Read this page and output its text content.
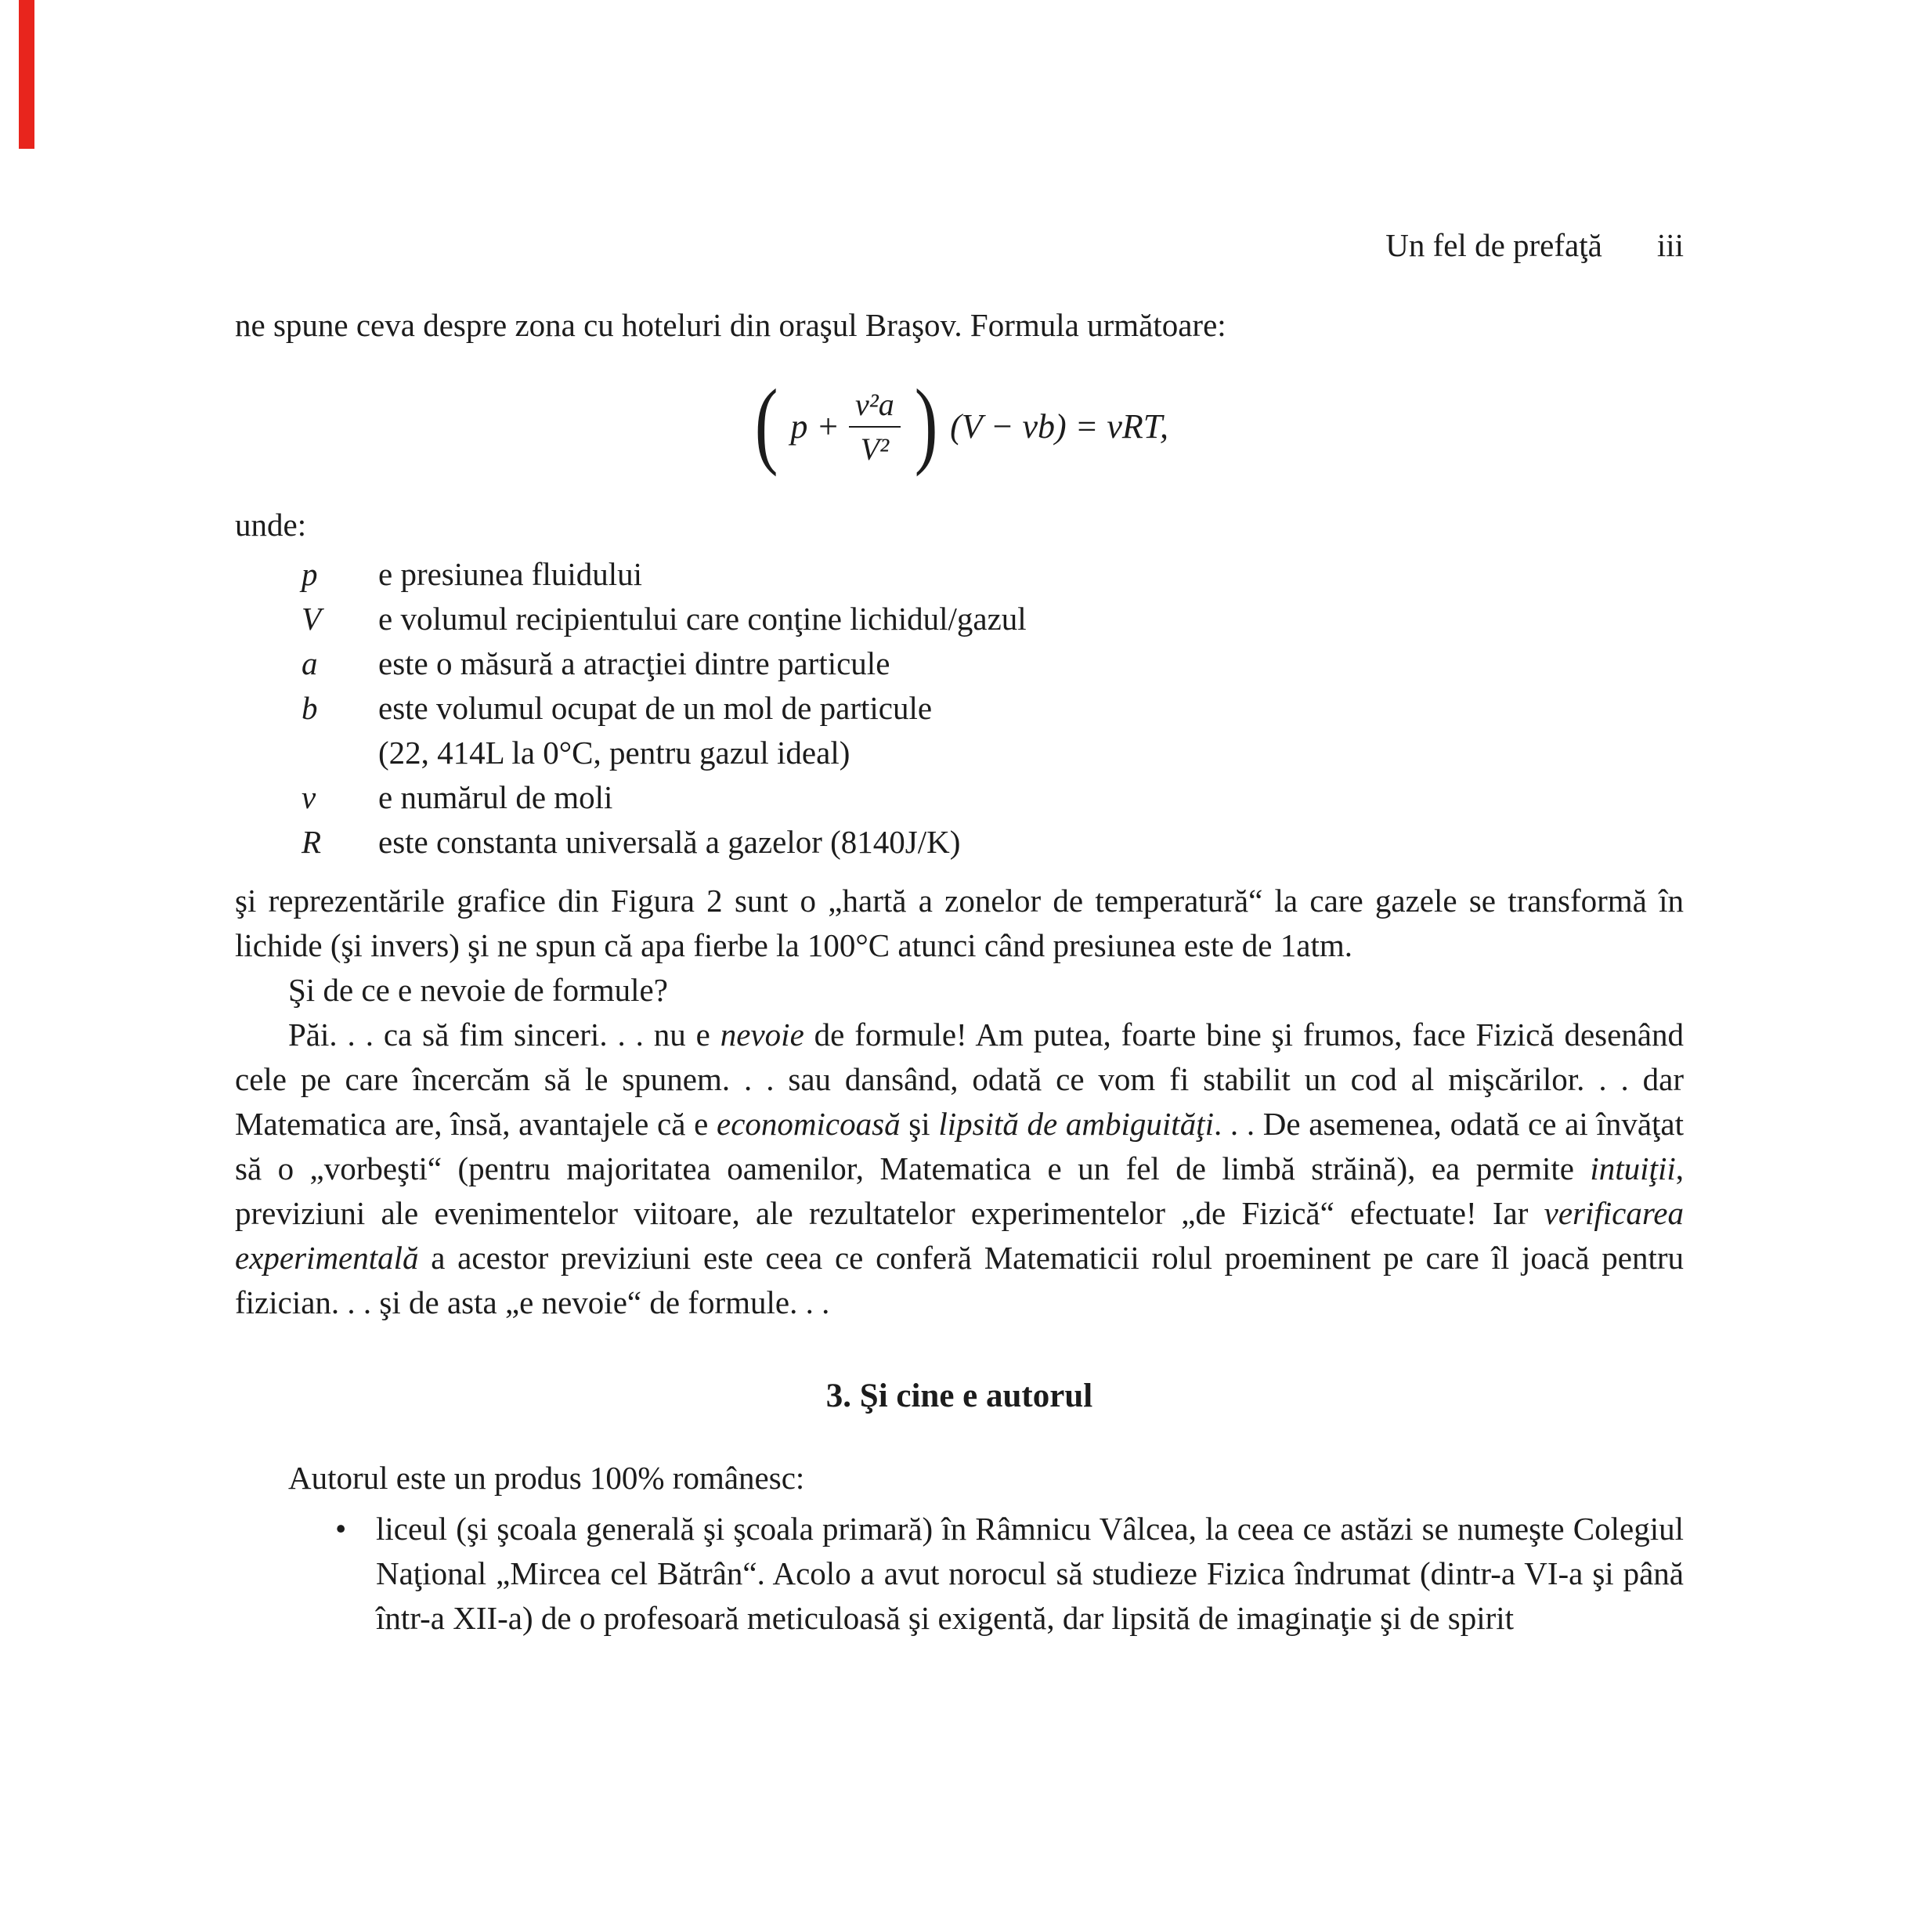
Un fel de prefaţă iii

ne spune ceva despre zona cu hoteluri din oraşul Braşov. Formula următoare:

( $p + \frac{\text{ν²a}}{\text{V²}}$ ) (V − νb) = νRT,

unde:

p	e presiunea fluidului
V	e volumul recipientului care conţine lichidul/gazul
a	este o măsură a atracţiei dintre particule
b	este volumul ocupat de un mol de particule
(22, 414L la 0°C, pentru gazul ideal)
ν	e numărul de moli
R	este constanta universală a gazelor (8140J/K)

şi reprezentările grafice din Figura 2 sunt o „hartă a zonelor de temperatură“ la care gazele se transformă în lichide (şi invers) şi ne spun că apa fierbe la 100°C atunci când presiunea este de 1atm.

Şi de ce e nevoie de formule?

Păi. . . ca să fim sinceri. . . nu e nevoie de formule! Am putea, foarte bine şi frumos, face Fizică desenând cele pe care încercăm să le spunem. . . sau dansând, odată ce vom fi stabilit un cod al mişcărilor. . . dar Matematica are, însă, avantajele că e economicoasă şi lipsită de ambiguităţi. . . De asemenea, odată ce ai învăţat să o „vorbeşti“ (pentru majoritatea oamenilor, Matematica e un fel de limbă străină), ea permite intuiţii, previziuni ale evenimentelor viitoare, ale rezultatelor experimentelor „de Fizică“ efectuate! Iar verificarea experimentală a acestor previziuni este ceea ce conferă Matematicii rolul proeminent pe care îl joacă pentru fizician. . . şi de asta „e nevoie“ de formule. . .

3. Şi cine e autorul

Autorul este un produs 100% românesc:

• liceul (şi şcoala generală şi şcoala primară) în Râmnicu Vâlcea, la ceea ce astăzi se numeşte Colegiul Naţional „Mircea cel Bătrân“. Acolo a avut norocul să studieze Fizica îndrumat (dintr-a VI-a şi până într-a XII-a) de o profesoară meticuloasă şi exigentă, dar lipsită de imaginaţie şi de spirit
